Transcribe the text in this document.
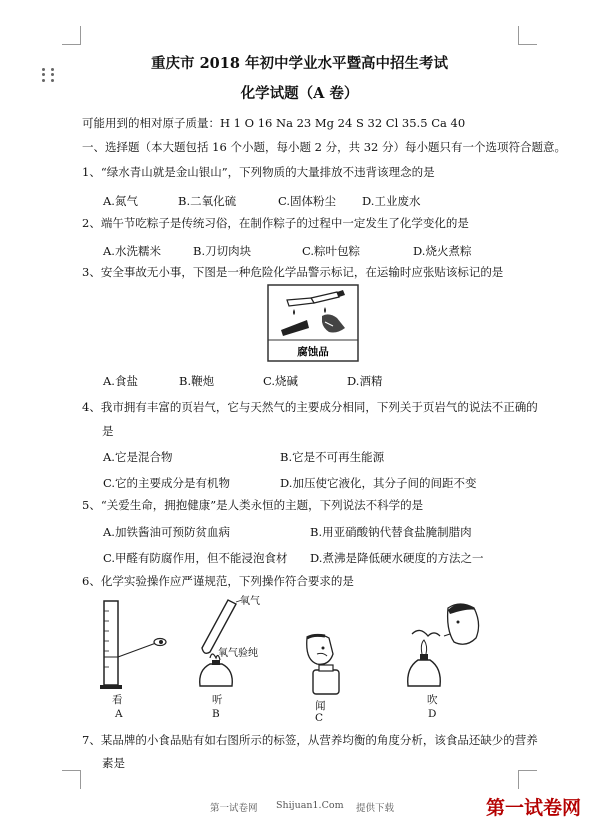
重庆市 2018 年初中学业水平暨高中招生考试
化学试题（A 卷）
可能用到的相对原子质量：H 1 O 16 Na 23 Mg 24 S 32 Cl 35.5 Ca 40
一、选择题（本大题包括 16 个小题，每小题 2 分，共 32 分）每小题只有一个选项符合题意。
1、“绿水青山就是金山银山”，下列物质的大量排放不违背该理念的是
A.氮气	B.二氧化硫	C.固体粉尘 D.工业废水
2、端午节吃粽子是传统习俗，在制作粽子的过程中一定发生了化学变化的是
A.水洗糯米	B.刀切肉块	C.粽叶包粽	D.烧火煮粽
3、安全事故无小事，下图是一种危险化学品警示标记，在运输时应张贴该标记的是
腐蚀品
A.食盐	B.鞭炮	C.烧碱	D.酒精
4、我市拥有丰富的页岩气，它与天然气的主要成分相同，下列关于页岩气的说法不正确的
是
A.它是混合物	B.它是不可再生能源
C.它的主要成分是有机物	D.加压使它液化，其分子间的间距不变
5、“关爱生命，拥抱健康”是人类永恒的主题，下列说法不科学的是
A.加铁酱油可预防贫血病	B.用亚硝酸钠代替食盐腌制腊肉
C.甲醛有防腐作用，但不能浸泡食材 D.煮沸是降低硬水硬度的方法之一
6、化学实验操作应严谨规范，下列操作符合要求的是
看
A
氧气
氧气验纯
听
B
闻
C
吹
D
7、某品牌的小食品贴有如右图所示的标签，从营养均衡的角度分析，该食品还缺少的营养
素是
第一试卷网 Shijuan1.Com 提供下载	第一试卷网
